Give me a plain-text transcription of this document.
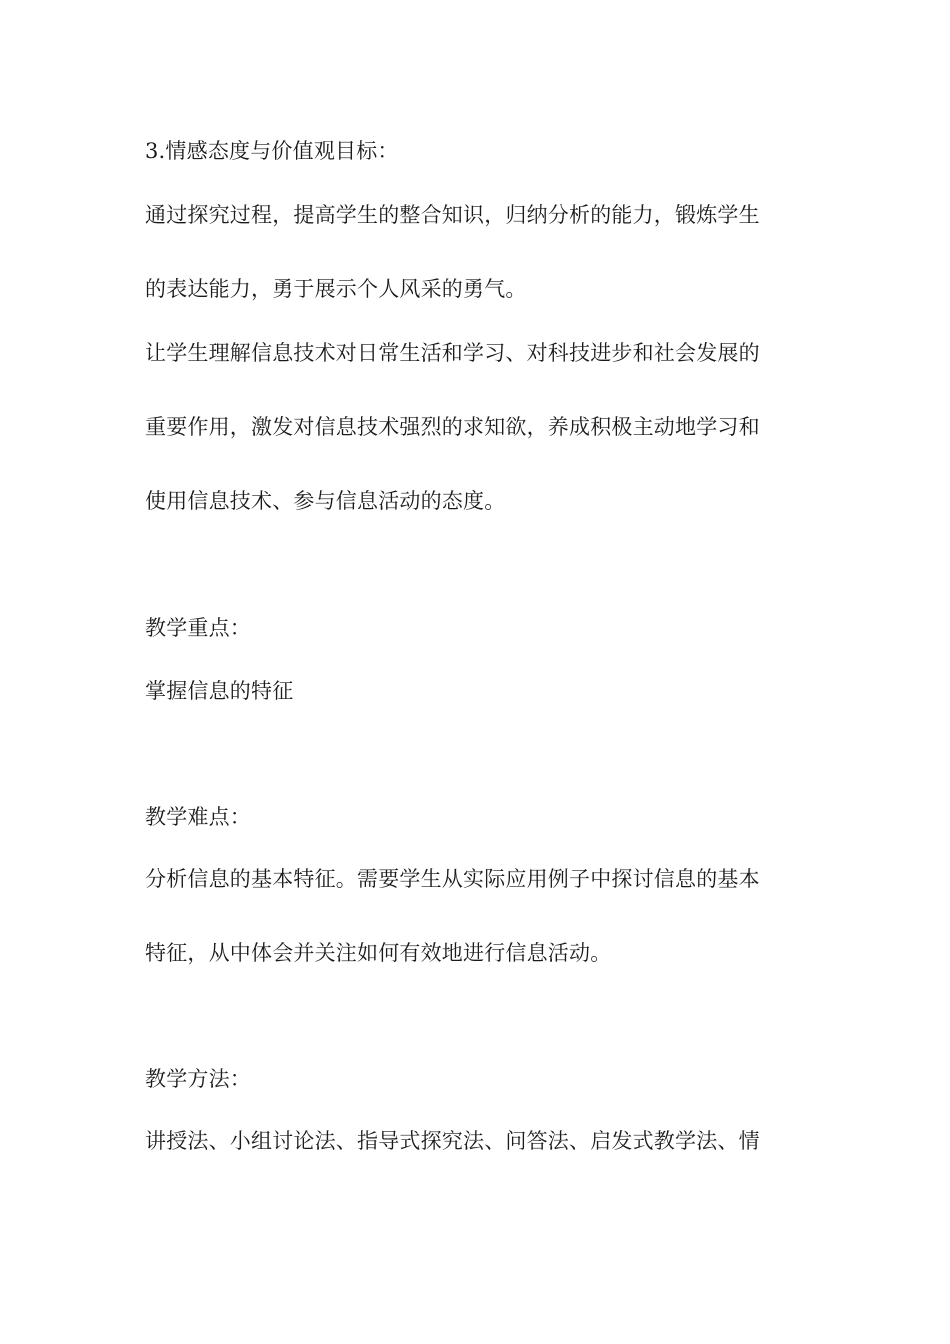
3.情感态度与价值观目标：
通过探究过程，提高学生的整合知识，归纳分析的能力，锻炼学生
的表达能力，勇于展示个人风采的勇气。
让学生理解信息技术对日常生活和学习、对科技进步和社会发展的
重要作用，激发对信息技术强烈的求知欲，养成积极主动地学习和
使用信息技术、参与信息活动的态度。
教学重点：
掌握信息的特征
教学难点：
分析信息的基本特征。需要学生从实际应用例子中探讨信息的基本
特征，从中体会并关注如何有效地进行信息活动。
教学方法：
讲授法、小组讨论法、指导式探究法、问答法、启发式教学法、情
